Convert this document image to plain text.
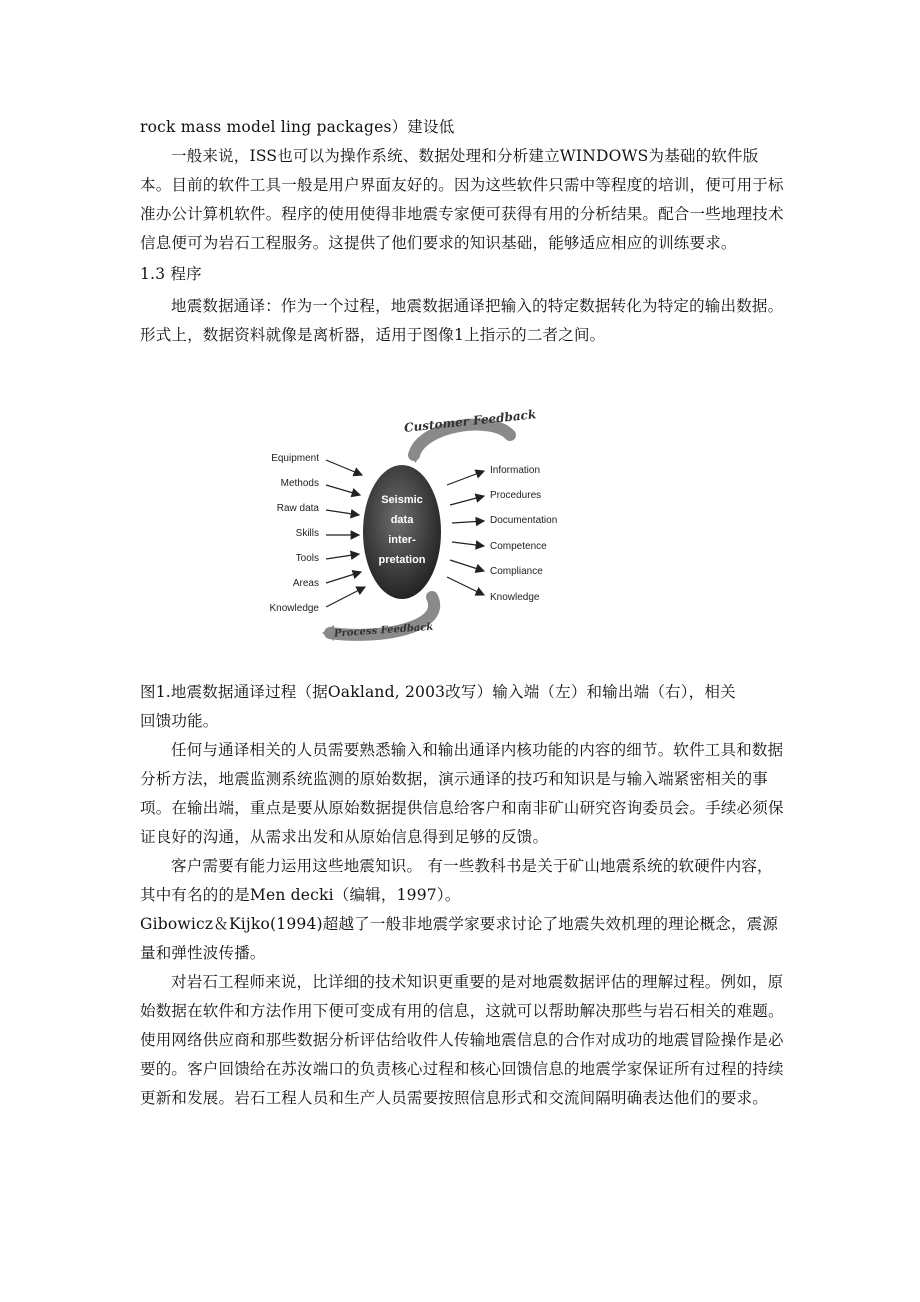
rock mass model ling packages）建设低

一般来说，ISS也可以为操作系统、数据处理和分析建立WINDOWS为基础的软件版本。目前的软件工具一般是用户界面友好的。因为这些软件只需中等程度的培训，便可用于标准办公计算机软件。程序的使用使得非地震专家便可获得有用的分析结果。配合一些地理技术信息便可为岩石工程服务。这提供了他们要求的知识基础，能够适应相应的训练要求。

1.3 程序

地震数据通译：作为一个过程，地震数据通译把输入的特定数据转化为特定的输出数据。形式上，数据资料就像是离析器，适用于图像1上指示的二者之间。

Customer Feedback
Process Feedback
Seismic
data
inter-
pretation
Equipment
Methods
Raw data
Skills
Tools
Areas
Knowledge
Information
Procedures
Documentation
Competence
Compliance
Knowledge

图1.地震数据通译过程（据Oakland, 2003改写）输入端（左）和输出端（右），相关回馈功能。

任何与通译相关的人员需要熟悉输入和输出通译内核功能的内容的细节。软件工具和数据分析方法，地震监测系统监测的原始数据，演示通译的技巧和知识是与输入端紧密相关的事项。在输出端，重点是要从原始数据提供信息给客户和南非矿山研究咨询委员会。手续必须保证良好的沟通，从需求出发和从原始信息得到足够的反馈。

客户需要有能力运用这些地震知识。 有一些教科书是关于矿山地震系统的软硬件内容，其中有名的的是Men decki（编辑，1997）。

Gibowicz＆Kijko(1994)超越了一般非地震学家要求讨论了地震失效机理的理论概念，震源量和弹性波传播。

对岩石工程师来说，比详细的技术知识更重要的是对地震数据评估的理解过程。例如，原始数据在软件和方法作用下便可变成有用的信息，这就可以帮助解决那些与岩石相关的难题。

使用网络供应商和那些数据分析评估给收件人传输地震信息的合作对成功的地震冒险操作是必要的。客户回馈给在苏汝端口的负责核心过程和核心回馈信息的地震学家保证所有过程的持续更新和发展。岩石工程人员和生产人员需要按照信息形式和交流间隔明确表达他们的要求。
